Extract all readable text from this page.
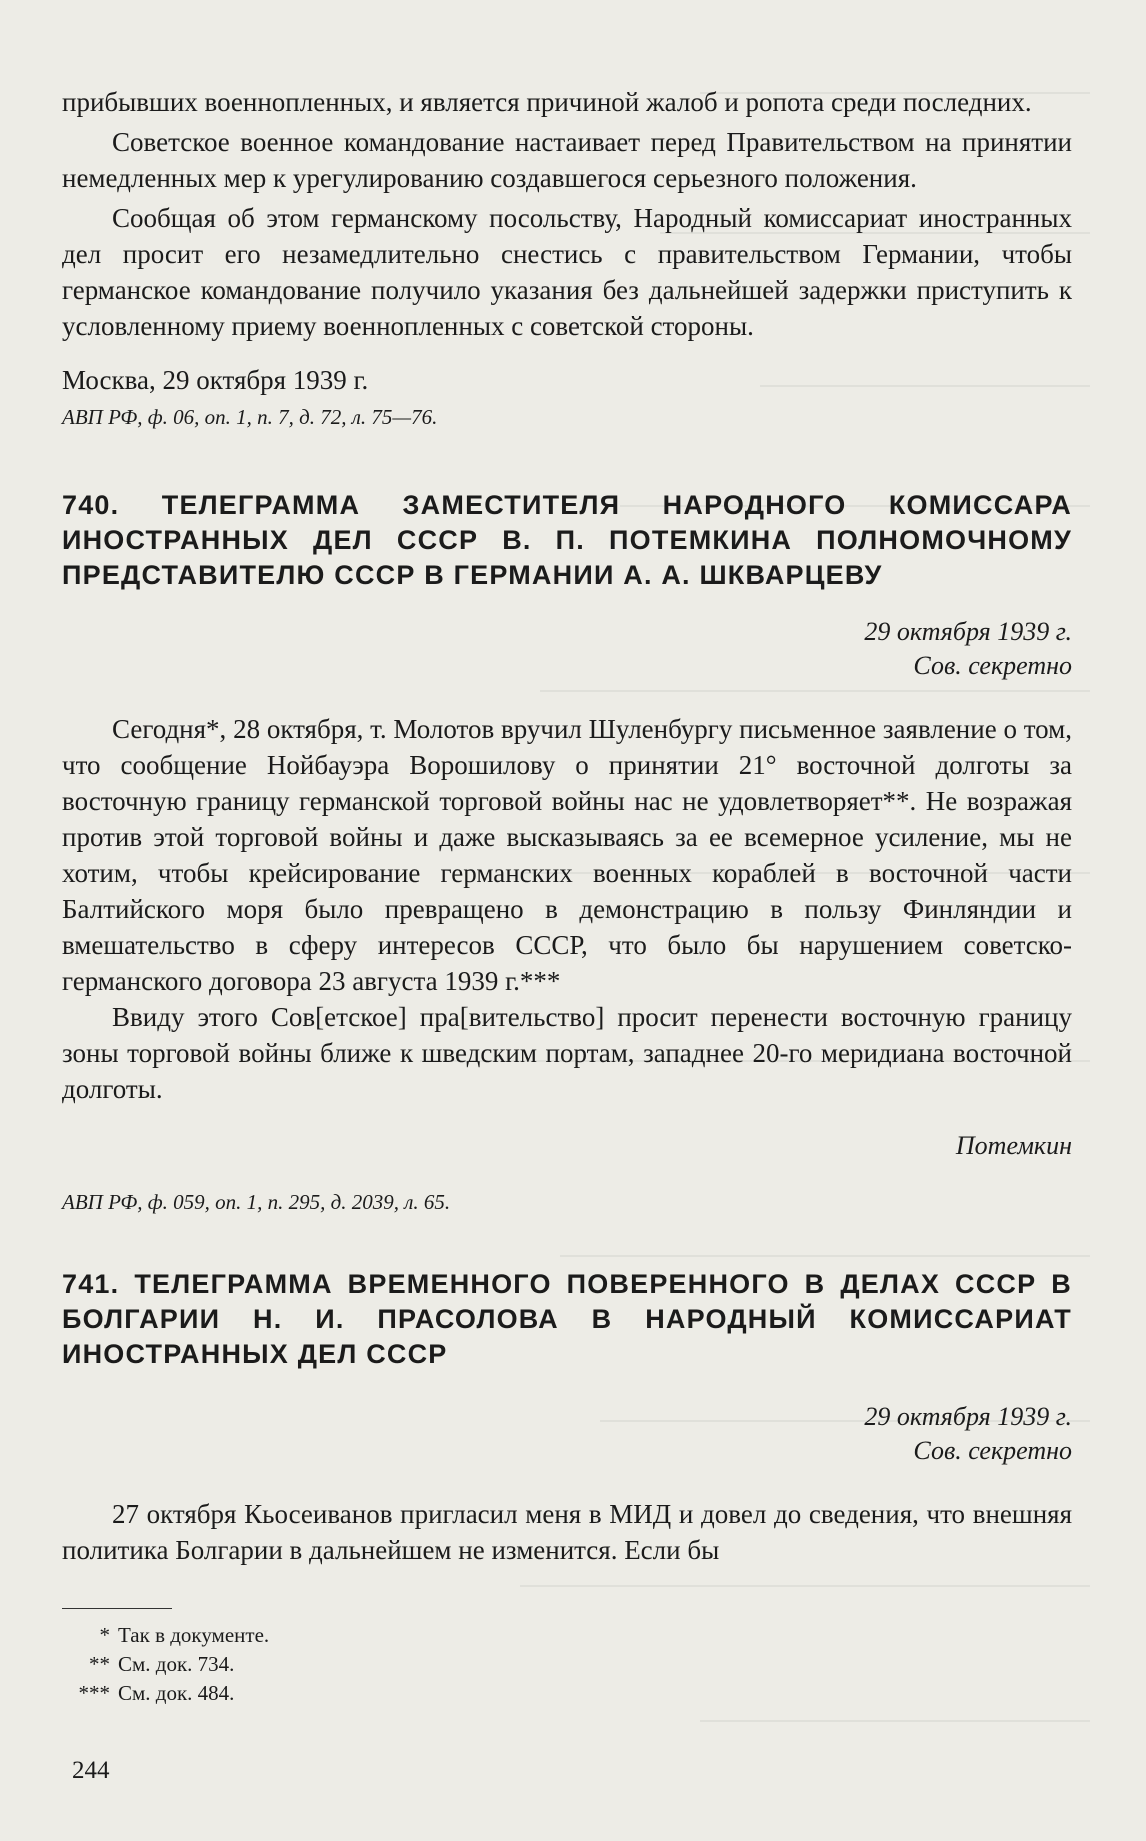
прибывших военнопленных, и является причиной жалоб и ропота среди последних.

Советское военное командование настаивает перед Правительством на принятии немедленных мер к урегулированию создавшегося серьезного положения.

Сообщая об этом германскому посольству, Народный комиссариат иностранных дел просит его незамедлительно снестись с правительством Германии, чтобы германское командование получило указания без дальнейшей задержки приступить к условленному приему военнопленных с советской стороны.

Москва, 29 октября 1939 г.

АВП РФ, ф. 06, оп. 1, п. 7, д. 72, л. 75—76.

740. ТЕЛЕГРАММА ЗАМЕСТИТЕЛЯ НАРОДНОГО КОМИССАРА ИНОСТРАННЫХ ДЕЛ СССР В. П. ПОТЕМКИНА ПОЛНОМОЧНОМУ ПРЕДСТАВИТЕЛЮ СССР В ГЕРМАНИИ А. А. ШКВАРЦЕВУ

29 октября 1939 г.

Сов. секретно

Сегодня*, 28 октября, т. Молотов вручил Шуленбургу письменное заявление о том, что сообщение Нойбауэра Ворошилову о принятии 21° восточной долготы за восточную границу германской торговой войны нас не удовлетворяет**. Не возражая против этой торговой войны и даже высказываясь за ее всемерное усиление, мы не хотим, чтобы крейсирование германских военных кораблей в восточной части Балтийского моря было превращено в демонстрацию в пользу Финляндии и вмешательство в сферу интересов СССР, что было бы нарушением советско-германского договора 23 августа 1939 г.***

Ввиду этого Сов[етское] пра[вительство] просит перенести восточную границу зоны торговой войны ближе к шведским портам, западнее 20-го меридиана восточной долготы.

Потемкин

АВП РФ, ф. 059, оп. 1, п. 295, д. 2039, л. 65.

741. ТЕЛЕГРАММА ВРЕМЕННОГО ПОВЕРЕННОГО В ДЕЛАХ СССР В БОЛГАРИИ Н. И. ПРАСОЛОВА В НАРОДНЫЙ КОМИССАРИАТ ИНОСТРАННЫХ ДЕЛ СССР

29 октября 1939 г.

Сов. секретно

27 октября Кьосеиванов пригласил меня в МИД и довел до сведения, что внешняя политика Болгарии в дальнейшем не изменится. Если бы

* Так в документе.
** См. док. 734.
*** См. док. 484.
244
